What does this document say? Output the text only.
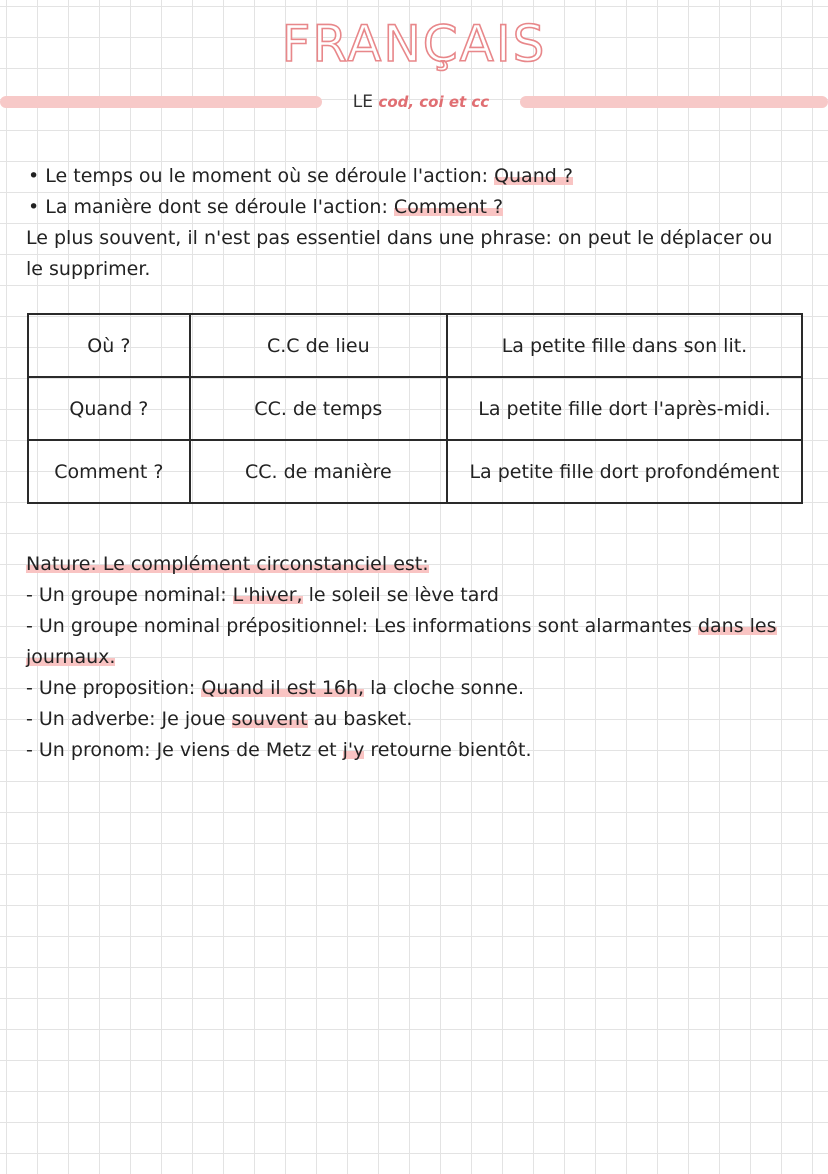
FRANÇAIS
LE cod, coi et cc
• Le temps ou le moment où se déroule l'action: Quand ?
• La manière dont se déroule l'action: Comment ?
Le plus souvent, il n'est pas essentiel dans une phrase: on peut le déplacer ou
le supprimer.
Où ?	C.C de lieu	La petite fille dans son lit.
Quand ?	CC. de temps	La petite fille dort l'après-midi.
Comment ?	CC. de manière	La petite fille dort profondément
Nature: Le complément circonstanciel est:
- Un groupe nominal: L'hiver, le soleil se lève tard
- Un groupe nominal prépositionnel: Les informations sont alarmantes dans les
journaux.
- Une proposition: Quand il est 16h, la cloche sonne.
- Un adverbe: Je joue souvent au basket.
- Un pronom: Je viens de Metz et j'y retourne bientôt.
